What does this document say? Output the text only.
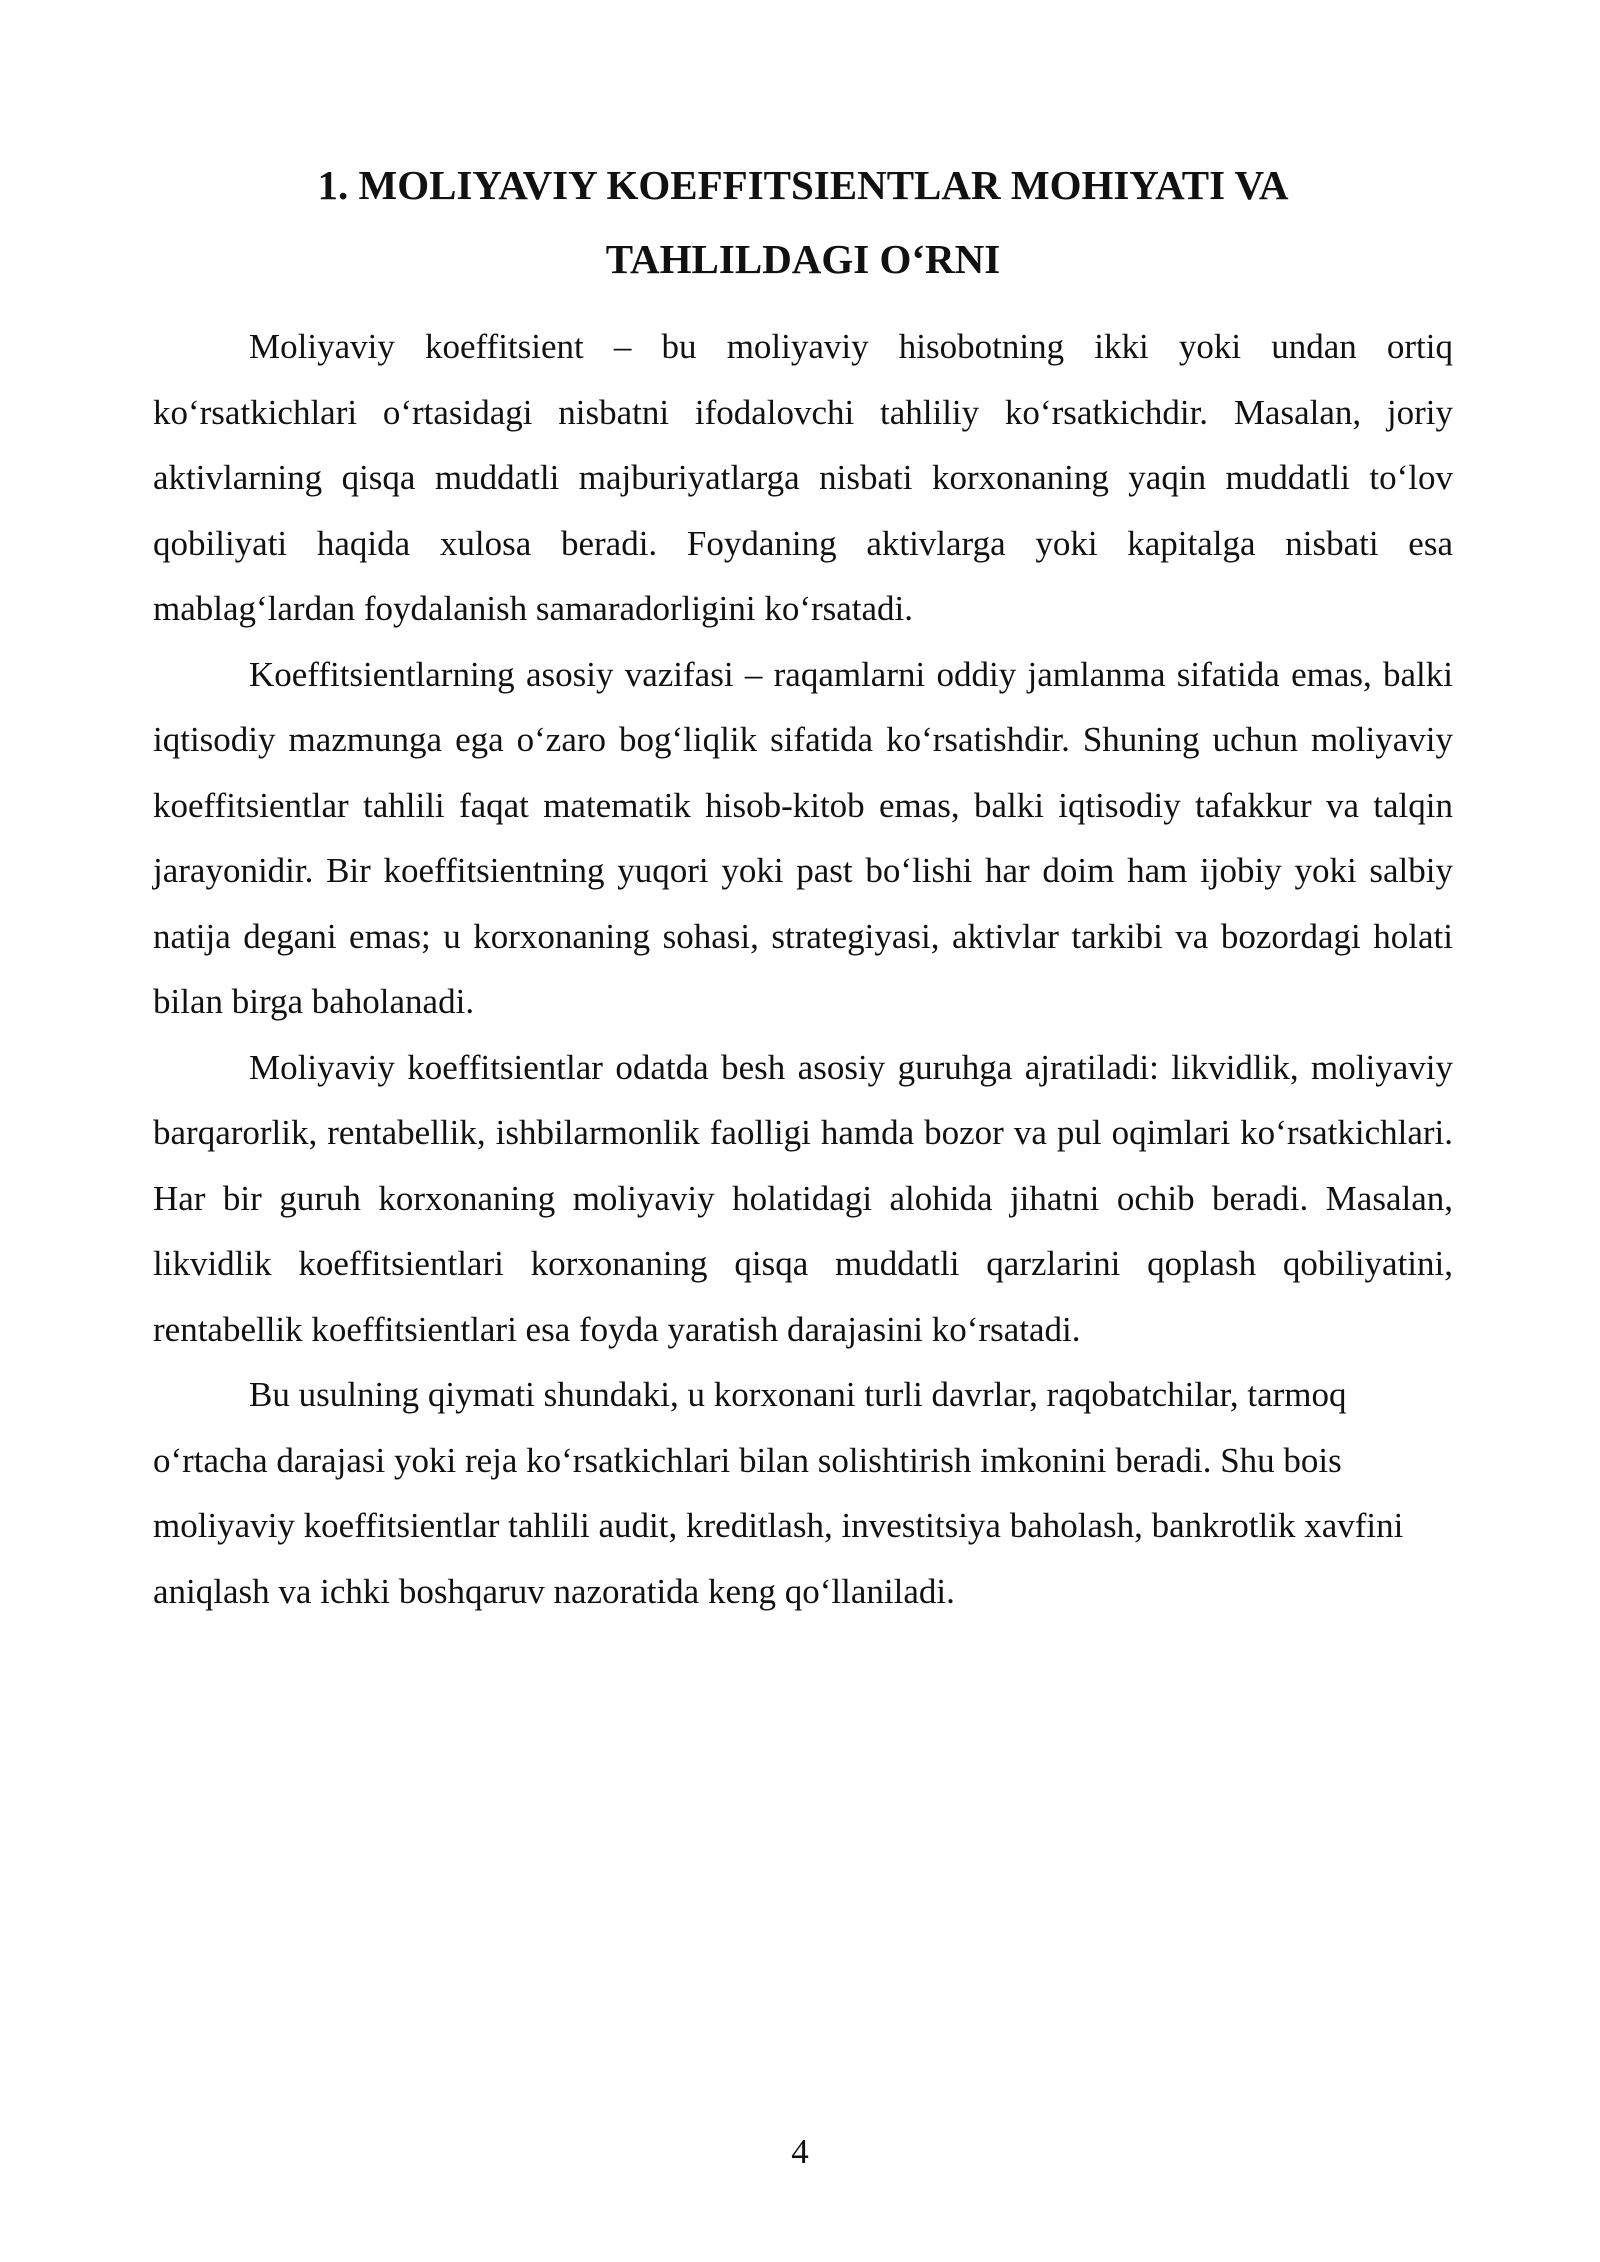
1. MOLIYAVIY KOEFFITSIENTLAR MOHIYATI VA
TAHLILDAGI O‘RNI

Moliyaviy koeffitsient – bu moliyaviy hisobotning ikki yoki undan ortiq ko‘rsatkichlari o‘rtasidagi nisbatni ifodalovchi tahliliy ko‘rsatkichdir. Masalan, joriy aktivlarning qisqa muddatli majburiyatlarga nisbati korxonaning yaqin muddatli to‘lov qobiliyati haqida xulosa beradi. Foydaning aktivlarga yoki kapitalga nisbati esa mablag‘lardan foydalanish samaradorligini ko‘rsatadi.

Koeffitsientlarning asosiy vazifasi – raqamlarni oddiy jamlanma sifatida emas, balki iqtisodiy mazmunga ega o‘zaro bog‘liqlik sifatida ko‘rsatishdir. Shuning uchun moliyaviy koeffitsientlar tahlili faqat matematik hisob-kitob emas, balki iqtisodiy tafakkur va talqin jarayonidir. Bir koeffitsientning yuqori yoki past bo‘lishi har doim ham ijobiy yoki salbiy natija degani emas; u korxonaning sohasi, strategiyasi, aktivlar tarkibi va bozordagi holati bilan birga baholanadi.

Moliyaviy koeffitsientlar odatda besh asosiy guruhga ajratiladi: likvidlik, moliyaviy barqarorlik, rentabellik, ishbilarmonlik faolligi hamda bozor va pul oqimlari ko‘rsatkichlari. Har bir guruh korxonaning moliyaviy holatidagi alohida jihatni ochib beradi. Masalan, likvidlik koeffitsientlari korxonaning qisqa muddatli qarzlarini qoplash qobiliyatini, rentabellik koeffitsientlari esa foyda yaratish darajasini ko‘rsatadi.

Bu usulning qiymati shundaki, u korxonani turli davrlar, raqobatchilar, tarmoq o‘rtacha darajasi yoki reja ko‘rsatkichlari bilan solishtirish imkonini beradi. Shu bois moliyaviy koeffitsientlar tahlili audit, kreditlash, investitsiya baholash, bankrotlik xavfini aniqlash va ichki boshqaruv nazoratida keng qo‘llaniladi.

4
